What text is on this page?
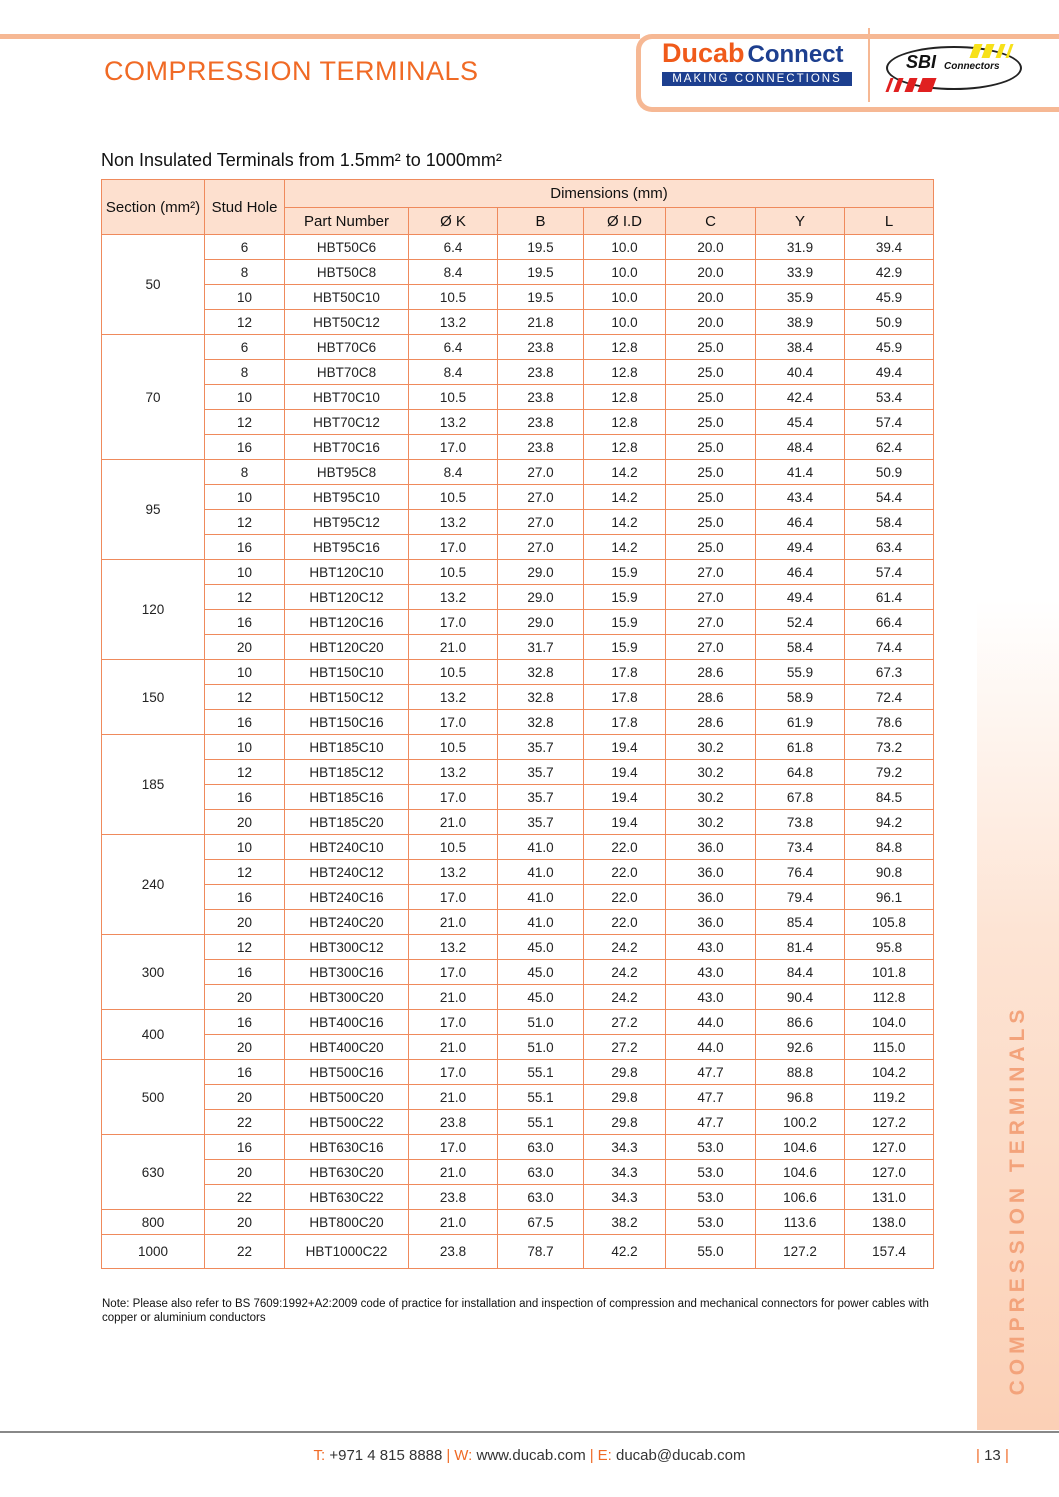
COMPRESSION TERMINALS
Ducab Connect
MAKING CONNECTIONS
SBI Connectors
Non Insulated Terminals from 1.5mm² to 1000mm²
Section (mm²)	Stud Hole	Dimensions (mm)						
		Part Number	Ø K	B	Ø I.D	C	Y	L
50	6	HBT50C6	6.4	19.5	10.0	20.0	31.9	39.4
	8	HBT50C8	8.4	19.5	10.0	20.0	33.9	42.9
	10	HBT50C10	10.5	19.5	10.0	20.0	35.9	45.9
	12	HBT50C12	13.2	21.8	10.0	20.0	38.9	50.9
70	6	HBT70C6	6.4	23.8	12.8	25.0	38.4	45.9
	8	HBT70C8	8.4	23.8	12.8	25.0	40.4	49.4
	10	HBT70C10	10.5	23.8	12.8	25.0	42.4	53.4
	12	HBT70C12	13.2	23.8	12.8	25.0	45.4	57.4
	16	HBT70C16	17.0	23.8	12.8	25.0	48.4	62.4
95	8	HBT95C8	8.4	27.0	14.2	25.0	41.4	50.9
	10	HBT95C10	10.5	27.0	14.2	25.0	43.4	54.4
	12	HBT95C12	13.2	27.0	14.2	25.0	46.4	58.4
	16	HBT95C16	17.0	27.0	14.2	25.0	49.4	63.4
120	10	HBT120C10	10.5	29.0	15.9	27.0	46.4	57.4
	12	HBT120C12	13.2	29.0	15.9	27.0	49.4	61.4
	16	HBT120C16	17.0	29.0	15.9	27.0	52.4	66.4
	20	HBT120C20	21.0	31.7	15.9	27.0	58.4	74.4
150	10	HBT150C10	10.5	32.8	17.8	28.6	55.9	67.3
	12	HBT150C12	13.2	32.8	17.8	28.6	58.9	72.4
	16	HBT150C16	17.0	32.8	17.8	28.6	61.9	78.6
185	10	HBT185C10	10.5	35.7	19.4	30.2	61.8	73.2
	12	HBT185C12	13.2	35.7	19.4	30.2	64.8	79.2
	16	HBT185C16	17.0	35.7	19.4	30.2	67.8	84.5
	20	HBT185C20	21.0	35.7	19.4	30.2	73.8	94.2
240	10	HBT240C10	10.5	41.0	22.0	36.0	73.4	84.8
	12	HBT240C12	13.2	41.0	22.0	36.0	76.4	90.8
	16	HBT240C16	17.0	41.0	22.0	36.0	79.4	96.1
	20	HBT240C20	21.0	41.0	22.0	36.0	85.4	105.8
300	12	HBT300C12	13.2	45.0	24.2	43.0	81.4	95.8
	16	HBT300C16	17.0	45.0	24.2	43.0	84.4	101.8
	20	HBT300C20	21.0	45.0	24.2	43.0	90.4	112.8
400	16	HBT400C16	17.0	51.0	27.2	44.0	86.6	104.0
	20	HBT400C20	21.0	51.0	27.2	44.0	92.6	115.0
500	16	HBT500C16	17.0	55.1	29.8	47.7	88.8	104.2
	20	HBT500C20	21.0	55.1	29.8	47.7	96.8	119.2
	22	HBT500C22	23.8	55.1	29.8	47.7	100.2	127.2
630	16	HBT630C16	17.0	63.0	34.3	53.0	104.6	127.0
	20	HBT630C20	21.0	63.0	34.3	53.0	104.6	127.0
	22	HBT630C22	23.8	63.0	34.3	53.0	106.6	131.0
800	20	HBT800C20	21.0	67.5	38.2	53.0	113.6	138.0
1000	22	HBT1000C22	23.8	78.7	42.2	55.0	127.2	157.4
Note: Please also refer to BS 7609:1992+A2:2009 code of practice for installation and inspection of compression and mechanical connectors for power cables with copper or aluminium conductors	COMPRESSION TERMINALS
T: +971 4 815 8888 | W: www.ducab.com | E: ducab@ducab.com	| 13 |
